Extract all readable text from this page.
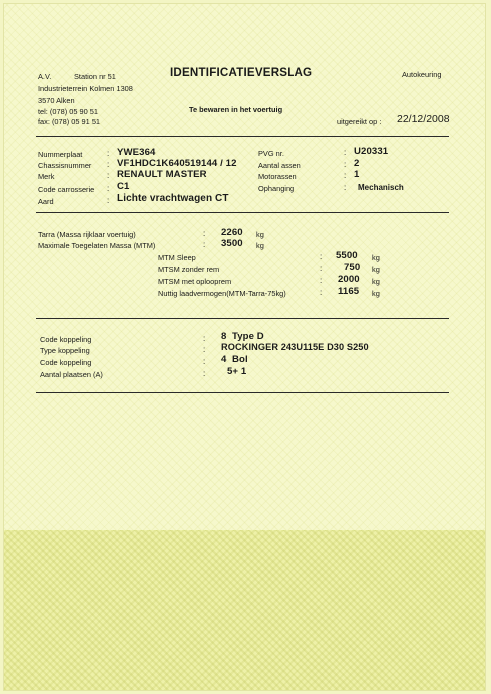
A.V.	Station nr 51
Industrieterrein Kolmen 1308
3570 Alken
tel: (078) 05 90 51
fax: (078) 05 91 51
IDENTIFICATIEVERSLAG	Autokeuring
Te bewaren in het voertuig
uitgereikt op : 22/12/2008
Nummerplaat	: YWE364
Chassisnummer : VF1HDC1K640519144 / 12
Merk	: RENAULT MASTER
Code carrosserie : C1
Aard	: Lichte vrachtwagen CT
PVG nr.	: U20331
Aantal assen	: 2
Motorassen	: 1
Ophanging	: Mechanisch
Tarra (Massa rijklaar voertuig)	: 2260 kg
Maximale Toegelaten Massa (MTM)	: 3500 kg
MTM Sleep	: 5500 kg
MTSM zonder rem	: 750 kg
MTSM met oplooprem	: 2000 kg
Nuttig laadvermogen(MTM-Tarra-75kg)	: 1165 kg
Code koppeling	: 8  Type D
Type koppeling	: ROCKINGER 243U115E D30 S250
Code koppeling	: 4  Bol
Aantal plaatsen (A)	: 5+ 1
